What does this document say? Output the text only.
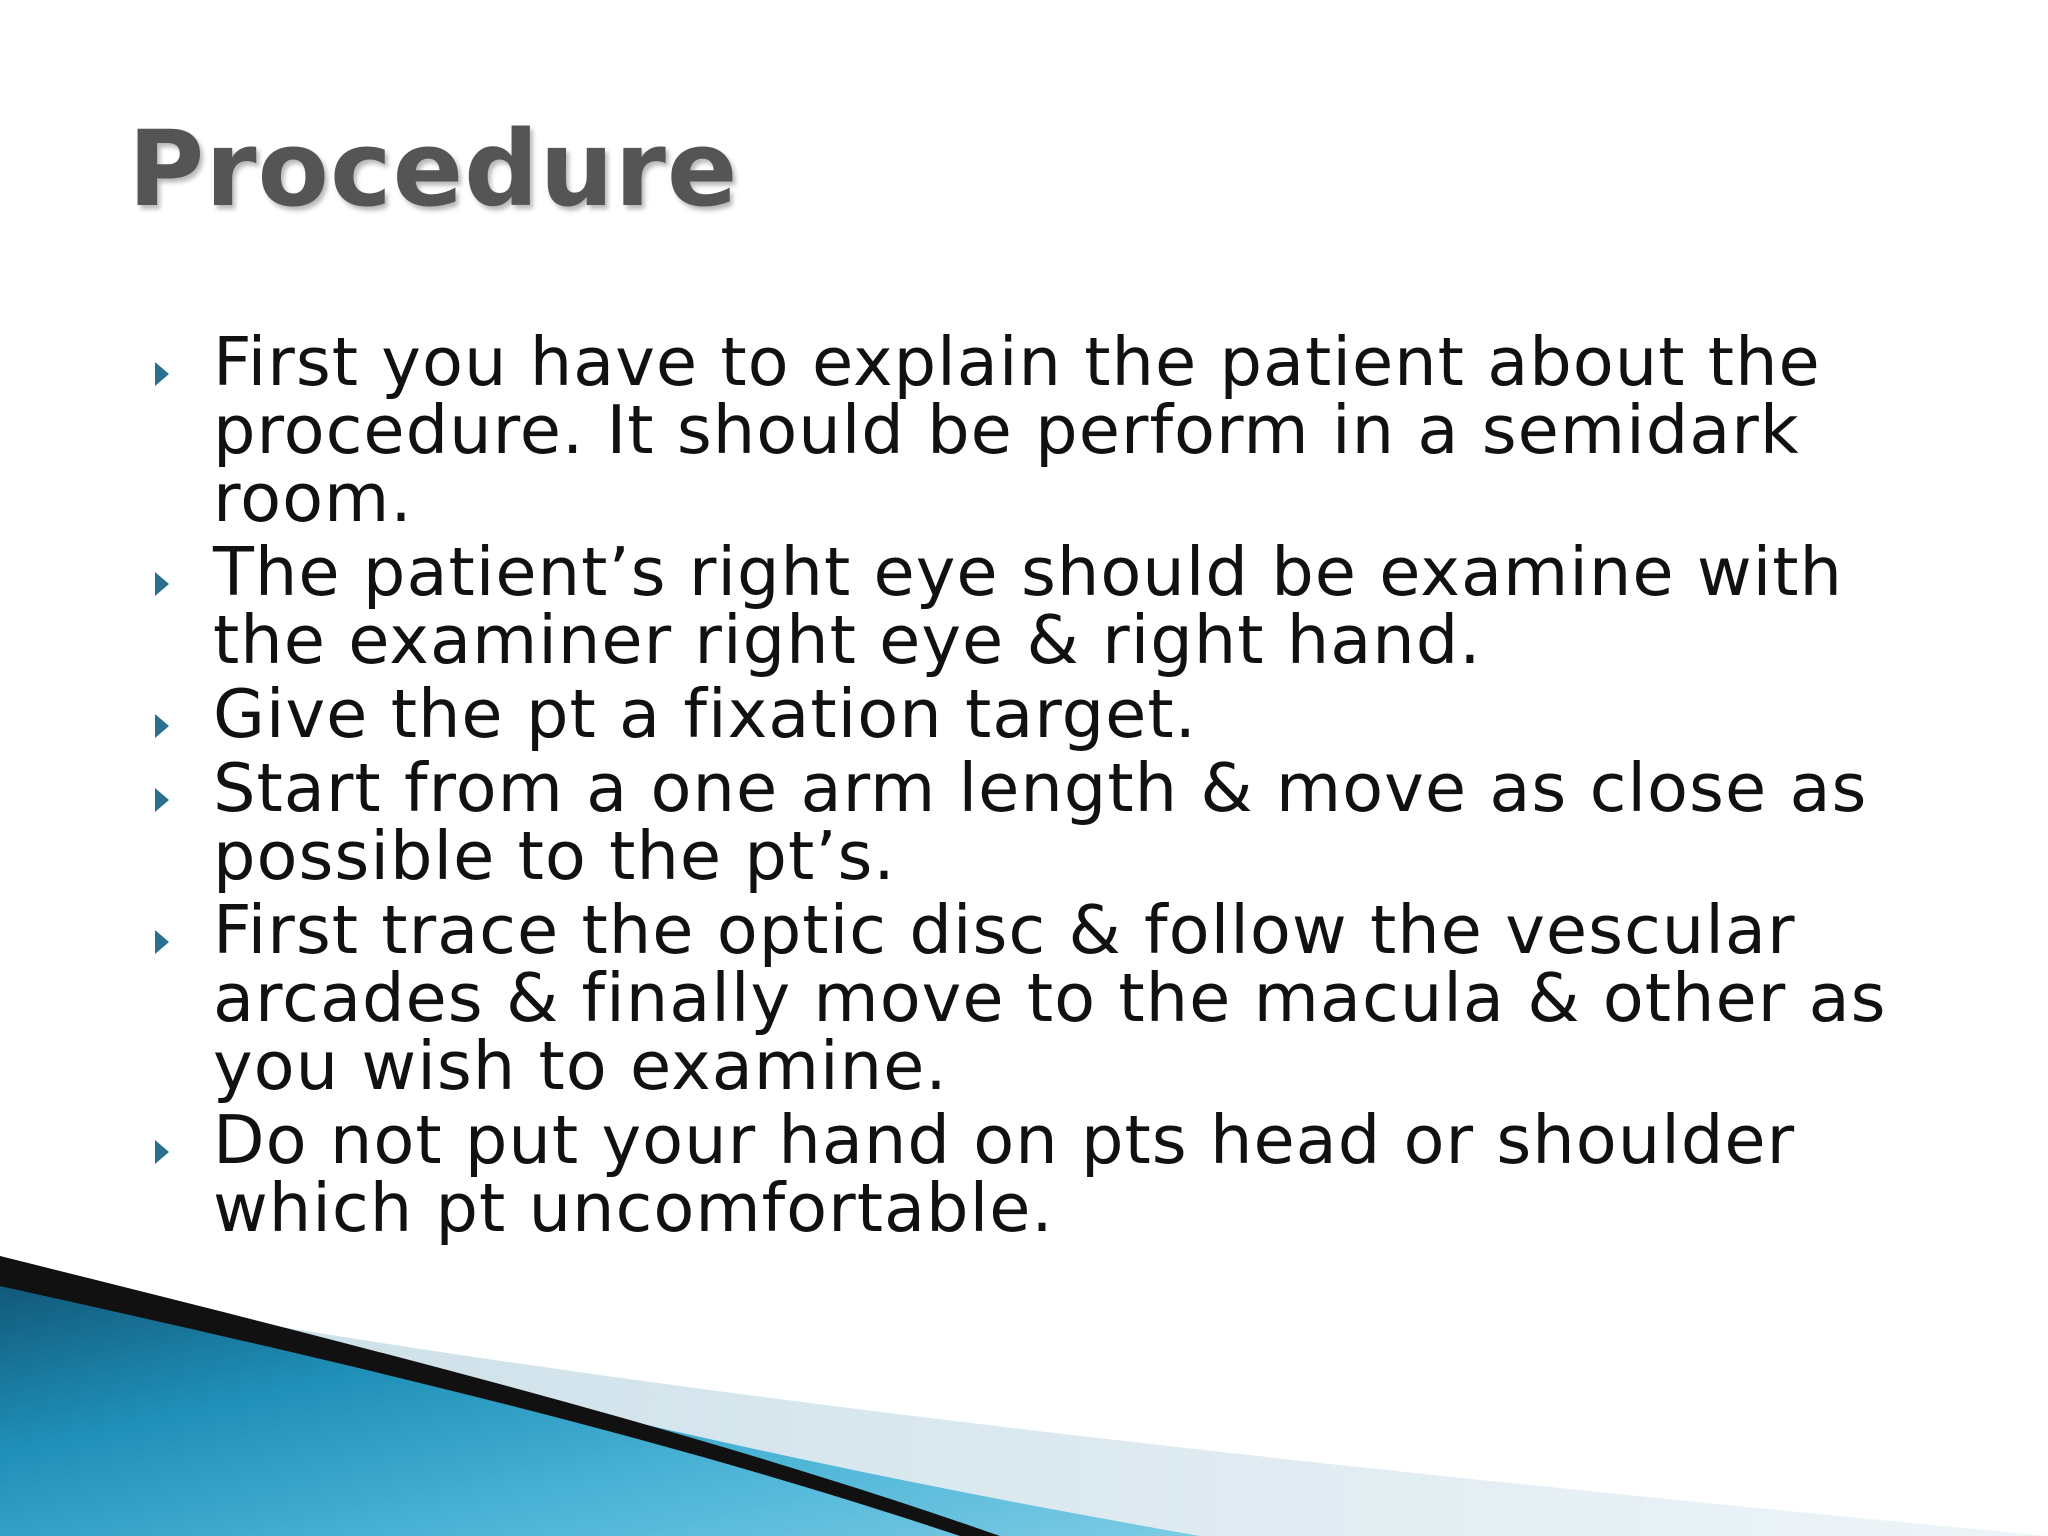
Procedure
First you have to explain the patient about the procedure. It should be perform in a semidark room.
The patient’s right eye should be examine with the examiner right eye & right hand.
Give the pt a fixation target.
Start from a one arm length & move as close as possible to the pt’s.
First trace the optic disc & follow the vescular arcades & finally move to the macula & other as you wish to examine.
Do not put your hand on pts head or shoulder which pt uncomfortable.
